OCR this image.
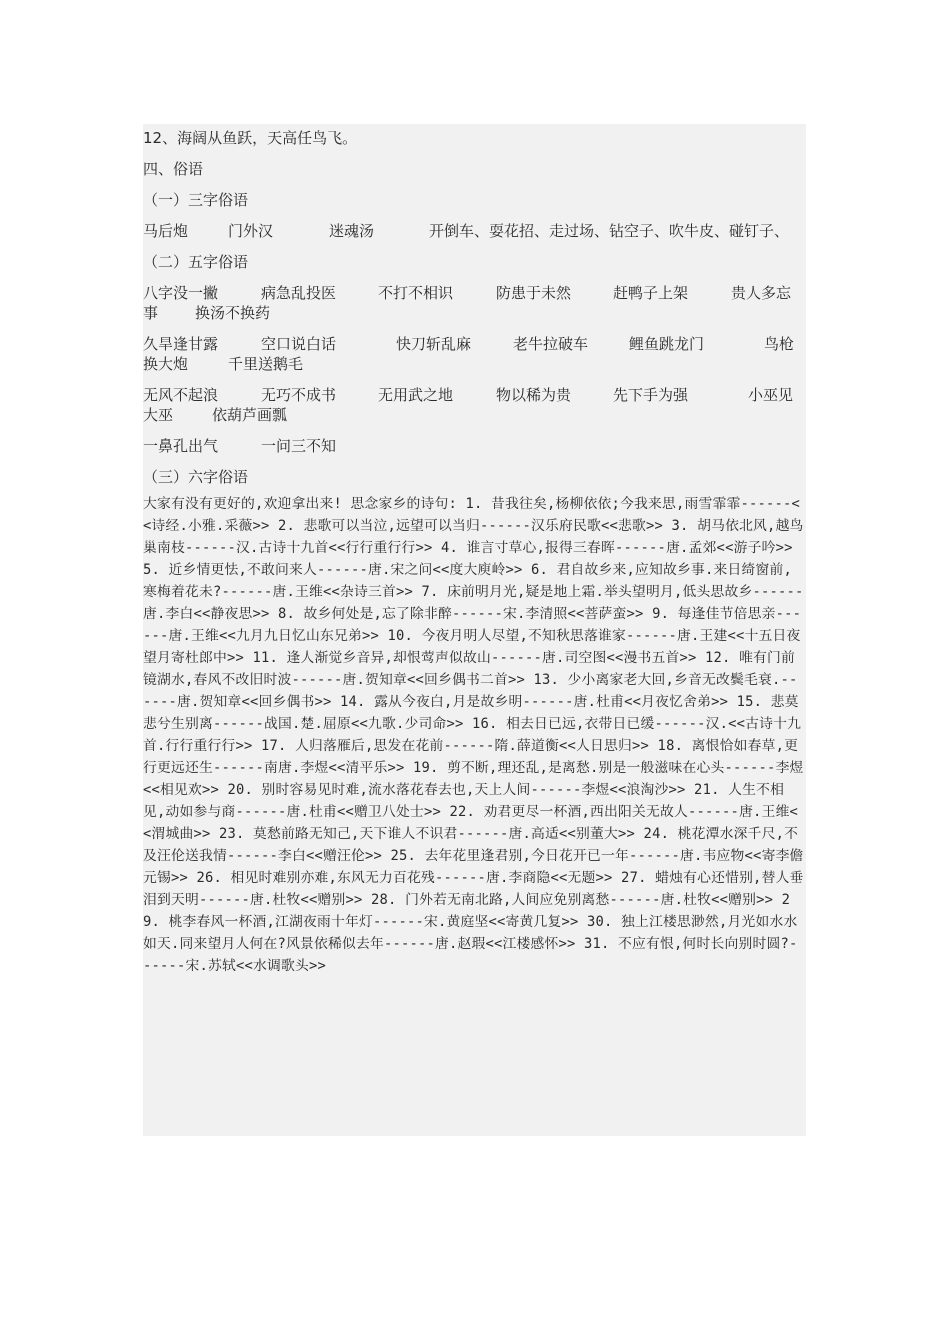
12、海阔从鱼跃，天高任鸟飞。
四、俗语
（一）三字俗语
马后炮	门外汉	迷魂汤	开倒车、耍花招、走过场、钻空子、吹牛皮、碰钉子、
（二）五字俗语
八字没一撇	病急乱投医	不打不相识	防患于未然	赶鸭子上架	贵人多忘
事 换汤不换药
久旱逢甘露	空口说白话	快刀斩乱麻	老牛拉破车	鲤鱼跳龙门	鸟枪
换大炮	千里送鹅毛
无风不起浪	无巧不成书	无用武之地	物以稀为贵	先下手为强	小巫见
大巫	依葫芦画瓢
一鼻孔出气	一问三不知
（三）六字俗语
大家有没有更好的,欢迎拿出来! 思念家乡的诗句: 1. 昔我往矣,杨柳依依;今我来思,雨雪霏霏------<<诗经.小雅.采薇>> 2. 悲歌可以当泣,远望可以当归------汉乐府民歌<<悲歌>> 3. 胡马依北风,越鸟巢南枝------汉.古诗十九首<<行行重行行>> 4. 谁言寸草心,报得三春晖------唐.孟郊<<游子吟>> 5. 近乡情更怯,不敢问来人------唐.宋之问<<度大庾岭>> 6. 君自故乡来,应知故乡事.来日绮窗前,寒梅着花未?------唐.王维<<杂诗三首>> 7. 床前明月光,疑是地上霜.举头望明月,低头思故乡------唐.李白<<静夜思>> 8. 故乡何处是,忘了除非醉------宋.李清照<<菩萨蛮>> 9. 每逢佳节倍思亲------唐.王维<<九月九日忆山东兄弟>> 10. 今夜月明人尽望,不知秋思落谁家------唐.王建<<十五日夜望月寄杜郎中>> 11. 逢人渐觉乡音异,却恨莺声似故山------唐.司空图<<漫书五首>> 12. 唯有门前镜湖水,春风不改旧时波------唐.贺知章<<回乡偶书二首>> 13. 少小离家老大回,乡音无改鬓毛衰.------唐.贺知章<<回乡偶书>> 14. 露从今夜白,月是故乡明------唐.杜甫<<月夜忆舍弟>> 15. 悲莫悲兮生别离------战国.楚.屈原<<九歌.少司命>> 16. 相去日已远,衣带日已缓------汉.<<古诗十九首.行行重行行>> 17. 人归落雁后,思发在花前------隋.薛道衡<<人日思归>> 18. 离恨恰如春草,更行更远还生------南唐.李煜<<清平乐>> 19. 剪不断,理还乱,是离愁.别是一般滋味在心头------李煜<<相见欢>> 20. 别时容易见时难,流水落花春去也,天上人间------李煜<<浪淘沙>> 21. 人生不相见,动如参与商------唐.杜甫<<赠卫八处士>> 22. 劝君更尽一杯酒,西出阳关无故人------唐.王维<<渭城曲>> 23. 莫愁前路无知己,天下谁人不识君------唐.高适<<别董大>> 24. 桃花潭水深千尺,不及汪伦送我情------李白<<赠汪伦>> 25. 去年花里逢君别,今日花开已一年------唐.韦应物<<寄李儋元锡>> 26. 相见时难别亦难,东风无力百花残------唐.李商隐<<无题>> 27. 蜡烛有心还惜别,替人垂泪到天明------唐.杜牧<<赠别>> 28. 门外若无南北路,人间应免别离愁------唐.杜牧<<赠别>> 29. 桃李春风一杯酒,江湖夜雨十年灯------宋.黄庭坚<<寄黄几复>> 30. 独上江楼思渺然,月光如水水如天.同来望月人何在?风景依稀似去年------唐.赵瑕<<江楼感怀>> 31. 不应有恨,何时长向别时圆?------宋.苏轼<<水调歌头>>
